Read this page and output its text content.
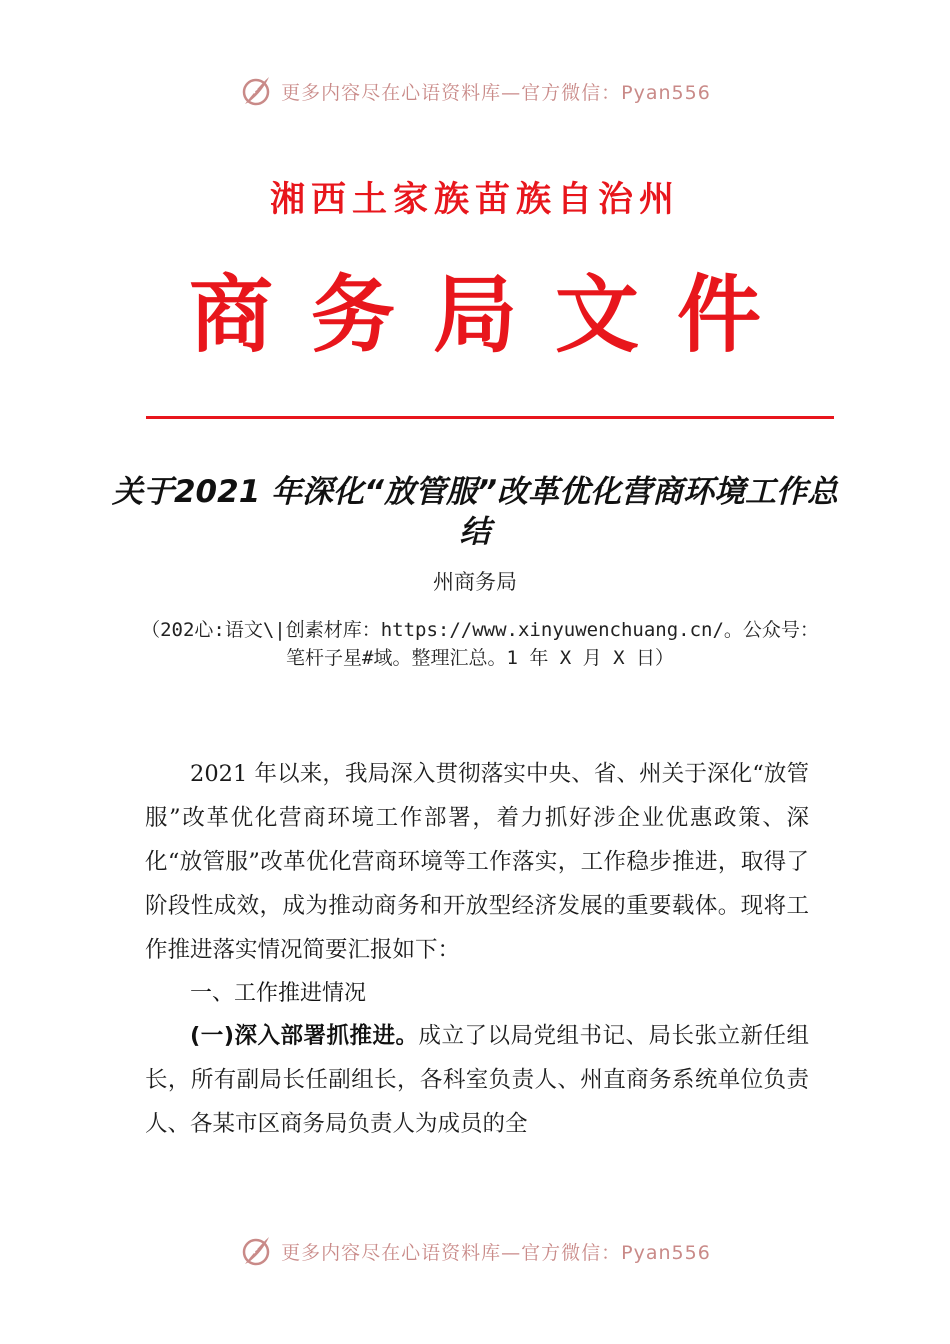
更多内容尽在心语资料库—官方微信：Pyan556
湘西土家族苗族自治州
商务局文件
关于2021 年深化“放管服”改革优化营商环境工作总结
州商务局
（202心:语文\|创素材库：https://www.xinyuwenchuang.cn/。公众号：笔杆子星#域。整理汇总。1 年 X 月 X 日）
2021 年以来，我局深入贯彻落实中央、省、州关于深化“放管服”改革优化营商环境工作部署，着力抓好涉企业优惠政策、深化“放管服”改革优化营商环境等工作落实，工作稳步推进，取得了阶段性成效，成为推动商务和开放型经济发展的重要载体。现将工作推进落实情况简要汇报如下：
一、工作推进情况
(一)深入部署抓推进。成立了以局党组书记、局长张立新任组长，所有副局长任副组长，各科室负责人、州直商务系统单位负责人、各某市区商务局负责人为成员的全
更多内容尽在心语资料库—官方微信：Pyan556
